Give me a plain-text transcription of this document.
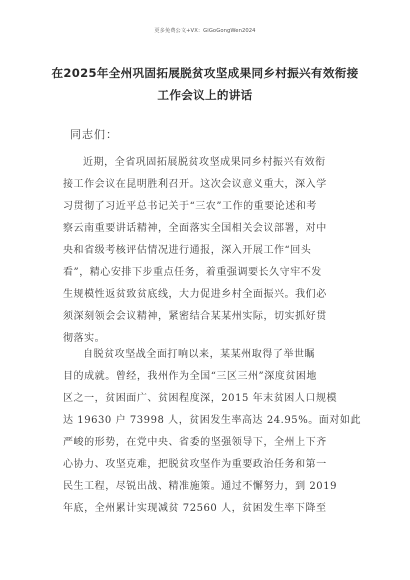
更多免费公文+VX：GiGoGongWen2024
在2025年全州巩固拓展脱贫攻坚成果同乡村振兴有效衔接
工作会议上的讲话
同志们：
近期，全省巩固拓展脱贫攻坚成果同乡村振兴有效衔
接工作会议在昆明胜利召开。这次会议意义重大，深入学
习贯彻了习近平总书记关于“三农”工作的重要论述和考
察云南重要讲话精神，全面落实全国相关会议部署，对中
央和省级考核评估情况进行通报，深入开展工作“回头
看”，精心安排下步重点任务，着重强调要长久守牢不发
生规模性返贫致贫底线，大力促进乡村全面振兴。我们必
须深刻领会会议精神，紧密结合某某州实际，切实抓好贯
彻落实。
自脱贫攻坚战全面打响以来，某某州取得了举世瞩
目的成就。曾经，我州作为全国“三区三州”深度贫困地
区之一，贫困面广、贫困程度深，2015 年末贫困人口规模
达 19630 户 73998 人，贫困发生率高达 24.95%。面对如此
严峻的形势，在党中央、省委的坚强领导下，全州上下齐
心协力、攻坚克难，把脱贫攻坚作为重要政治任务和第一
民生工程，尽锐出战、精准施策。通过不懈努力，到 2019
年底，全州累计实现减贫 72560 人，贫困发生率下降至
